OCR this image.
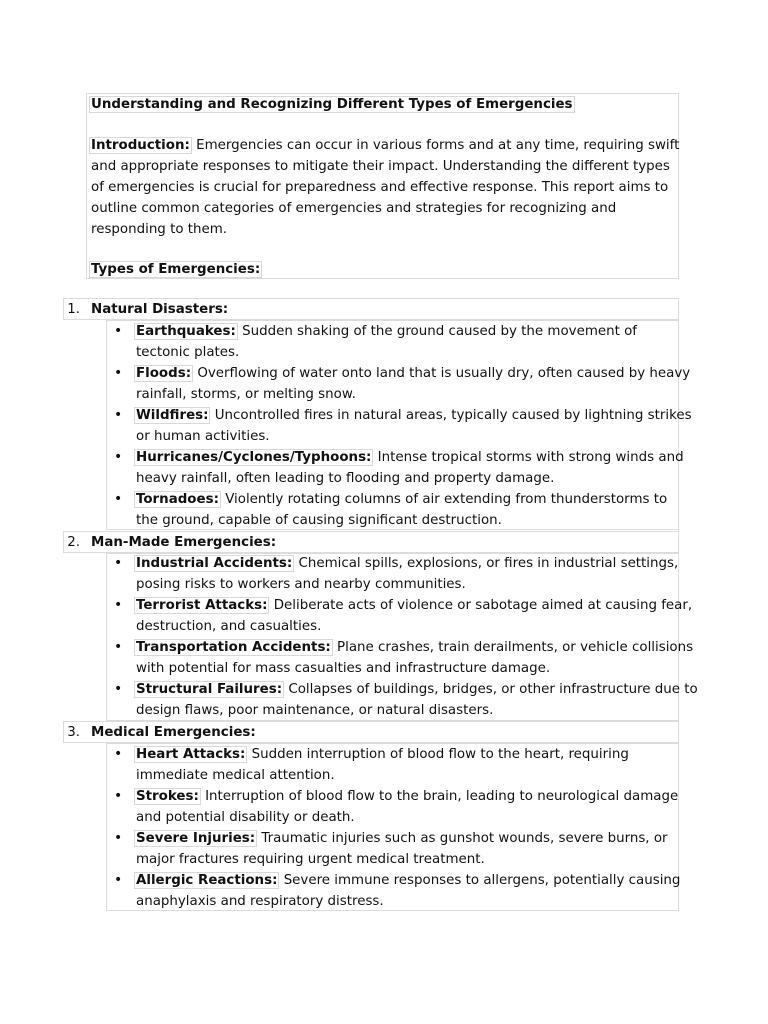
Understanding and Recognizing Different Types of Emergencies
Introduction: Emergencies can occur in various forms and at any time, requiring swift
and appropriate responses to mitigate their impact. Understanding the different types
of emergencies is crucial for preparedness and effective response. This report aims to
outline common categories of emergencies and strategies for recognizing and
responding to them.
Types of Emergencies:
1. Natural Disasters:
• Earthquakes: Sudden shaking of the ground caused by the movement of
tectonic plates.
• Floods: Overflowing of water onto land that is usually dry, often caused by heavy
rainfall, storms, or melting snow.
• Wildfires: Uncontrolled fires in natural areas, typically caused by lightning strikes
or human activities.
• Hurricanes/Cyclones/Typhoons: Intense tropical storms with strong winds and
heavy rainfall, often leading to flooding and property damage.
• Tornadoes: Violently rotating columns of air extending from thunderstorms to
the ground, capable of causing significant destruction.
2. Man-Made Emergencies:
• Industrial Accidents: Chemical spills, explosions, or fires in industrial settings,
posing risks to workers and nearby communities.
• Terrorist Attacks: Deliberate acts of violence or sabotage aimed at causing fear,
destruction, and casualties.
• Transportation Accidents: Plane crashes, train derailments, or vehicle collisions
with potential for mass casualties and infrastructure damage.
• Structural Failures: Collapses of buildings, bridges, or other infrastructure due to
design flaws, poor maintenance, or natural disasters.
3. Medical Emergencies:
• Heart Attacks: Sudden interruption of blood flow to the heart, requiring
immediate medical attention.
• Strokes: Interruption of blood flow to the brain, leading to neurological damage
and potential disability or death.
• Severe Injuries: Traumatic injuries such as gunshot wounds, severe burns, or
major fractures requiring urgent medical treatment.
• Allergic Reactions: Severe immune responses to allergens, potentially causing
anaphylaxis and respiratory distress.
